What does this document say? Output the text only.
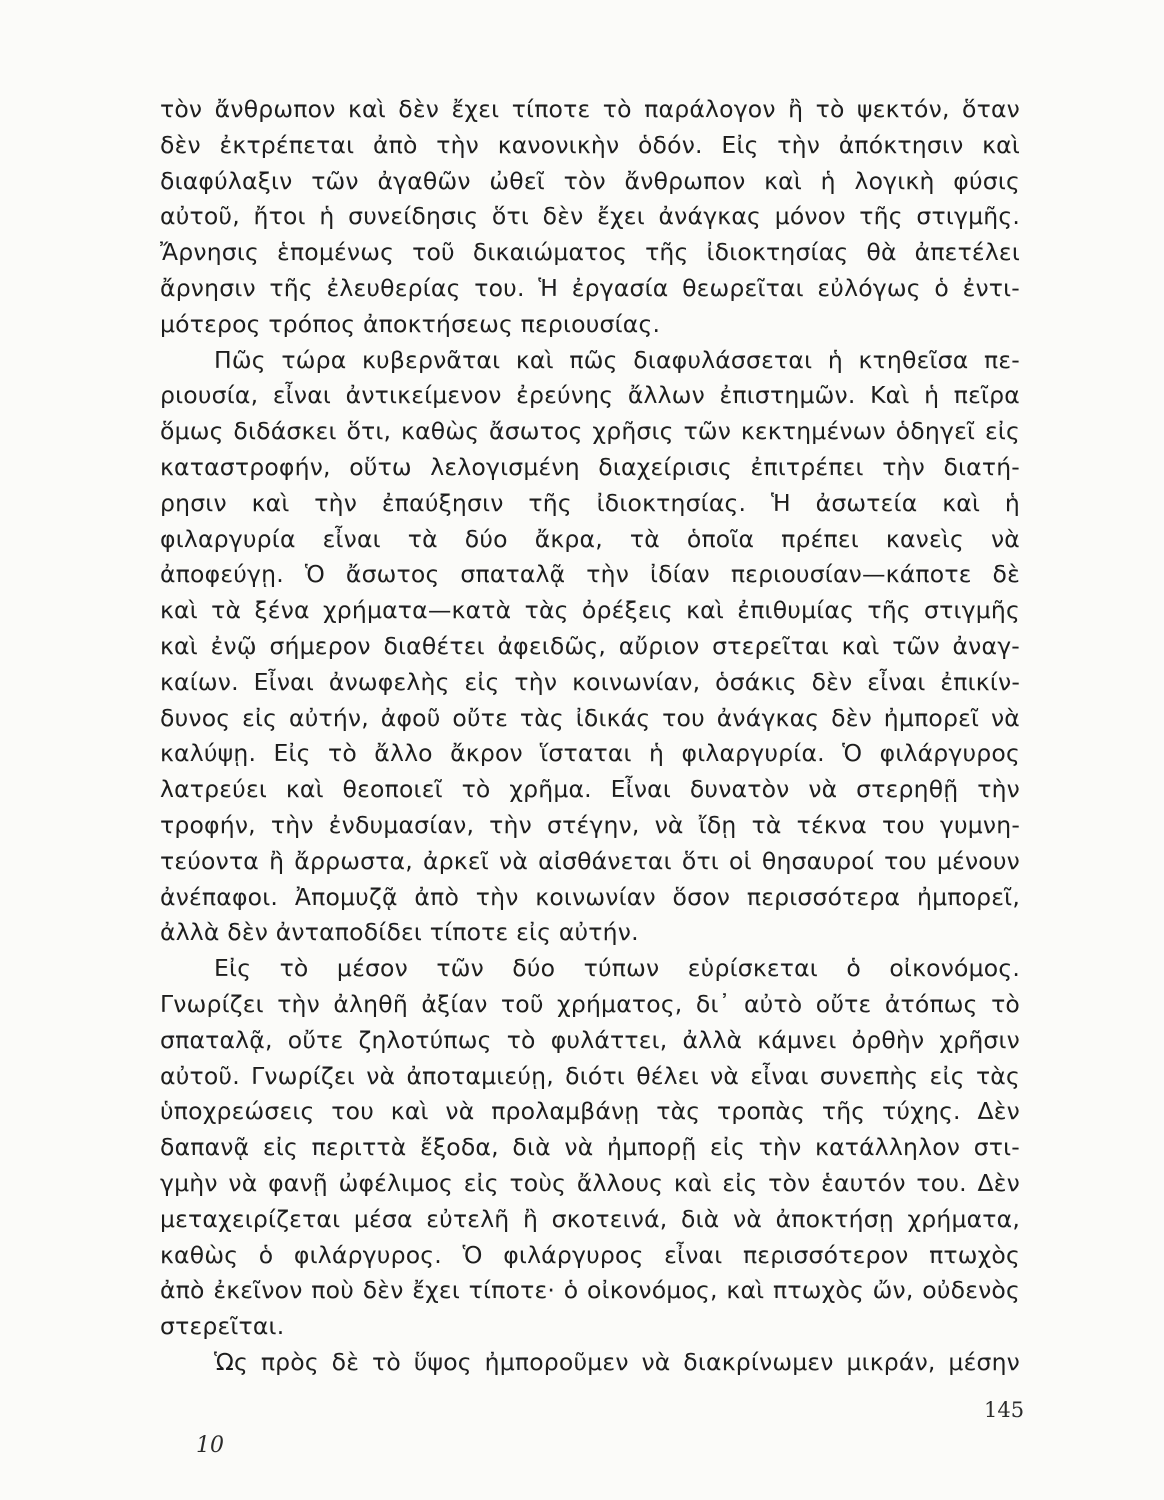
τὸν ἄνθρωπον καὶ δὲν ἔχει τίποτε τὸ παράλογον ἢ τὸ ψεκτόν, ὅταν
δὲν ἐκτρέπεται ἀπὸ τὴν κανονικὴν ὁδόν. Εἰς τὴν ἀπόκτησιν καὶ
διαφύλαξιν τῶν ἀγαθῶν ὠθεῖ τὸν ἄνθρωπον καὶ ἡ λογικὴ φύσις
αὐτοῦ, ἤτοι ἡ συνείδησις ὅτι δὲν ἔχει ἀνάγκας μόνον τῆς στιγμῆς.
Ἄρνησις ἑπομένως τοῦ δικαιώματος τῆς ἰδιοκτησίας θὰ ἀπετέλει
ἄρνησιν τῆς ἐλευθερίας του. Ἡ ἐργασία θεωρεῖται εὐλόγως ὁ ἐντι-
μότερος τρόπος ἀποκτήσεως περιουσίας.
Πῶς τώρα κυβερνᾶται καὶ πῶς διαφυλάσσεται ἡ κτηθεῖσα πε-
ριουσία, εἶναι ἀντικείμενον ἐρεύνης ἄλλων ἐπιστημῶν. Καὶ ἡ πεῖρα
ὅμως διδάσκει ὅτι, καθὼς ἄσωτος χρῆσις τῶν κεκτημένων ὁδηγεῖ εἰς
καταστροφήν, οὕτω λελογισμένη διαχείρισις ἐπιτρέπει τὴν διατή-
ρησιν καὶ τὴν ἐπαύξησιν τῆς ἰδιοκτησίας. Ἡ ἀσωτεία καὶ ἡ
φιλαργυρία εἶναι τὰ δύο ἄκρα, τὰ ὁποῖα πρέπει κανεὶς νὰ
ἀποφεύγῃ. Ὁ ἄσωτος σπαταλᾷ τὴν ἰδίαν περιουσίαν—κάποτε δὲ
καὶ τὰ ξένα χρήματα—κατὰ τὰς ὀρέξεις καὶ ἐπιθυμίας τῆς στιγμῆς
καὶ ἐνῷ σήμερον διαθέτει ἀφειδῶς, αὔριον στερεῖται καὶ τῶν ἀναγ-
καίων. Εἶναι ἀνωφελὴς εἰς τὴν κοινωνίαν, ὁσάκις δὲν εἶναι ἐπικίν-
δυνος εἰς αὐτήν, ἀφοῦ οὔτε τὰς ἰδικάς του ἀνάγκας δὲν ἠμπορεῖ νὰ
καλύψῃ. Εἰς τὸ ἄλλο ἄκρον ἵσταται ἡ φιλαργυρία. Ὁ φιλάργυρος
λατρεύει καὶ θεοποιεῖ τὸ χρῆμα. Εἶναι δυνατὸν νὰ στερηθῇ τὴν
τροφήν, τὴν ἐνδυμασίαν, τὴν στέγην, νὰ ἴδῃ τὰ τέκνα του γυμνη-
τεύοντα ἢ ἄρρωστα, ἀρκεῖ νὰ αἰσθάνεται ὅτι οἱ θησαυροί του μένουν
ἀνέπαφοι. Ἀπομυζᾷ ἀπὸ τὴν κοινωνίαν ὅσον περισσότερα ἠμπορεῖ,
ἀλλὰ δὲν ἀνταποδίδει τίποτε εἰς αὐτήν.
Εἰς τὸ μέσον τῶν δύο τύπων εὑρίσκεται ὁ οἰκονόμος.
Γνωρίζει τὴν ἀληθῆ ἀξίαν τοῦ χρήματος, δι᾽ αὐτὸ οὔτε ἀτόπως τὸ
σπαταλᾷ, οὔτε ζηλοτύπως τὸ φυλάττει, ἀλλὰ κάμνει ὀρθὴν χρῆσιν
αὐτοῦ. Γνωρίζει νὰ ἀποταμιεύῃ, διότι θέλει νὰ εἶναι συνεπὴς εἰς τὰς
ὑποχρεώσεις του καὶ νὰ προλαμβάνῃ τὰς τροπὰς τῆς τύχης. Δὲν
δαπανᾷ εἰς περιττὰ ἔξοδα, διὰ νὰ ἠμπορῇ εἰς τὴν κατάλληλον στι-
γμὴν νὰ φανῇ ὠφέλιμος εἰς τοὺς ἄλλους καὶ εἰς τὸν ἑαυτόν του. Δὲν
μεταχειρίζεται μέσα εὐτελῆ ἢ σκοτεινά, διὰ νὰ ἀποκτήσῃ χρήματα,
καθὼς ὁ φιλάργυρος. Ὁ φιλάργυρος εἶναι περισσότερον πτωχὸς
ἀπὸ ἐκεῖνον ποὺ δὲν ἔχει τίποτε· ὁ οἰκονόμος, καὶ πτωχὸς ὤν, οὐδενὸς
στερεῖται.
Ὡς πρὸς δὲ τὸ ὕψος ἠμποροῦμεν νὰ διακρίνωμεν μικράν, μέσην
145
10
